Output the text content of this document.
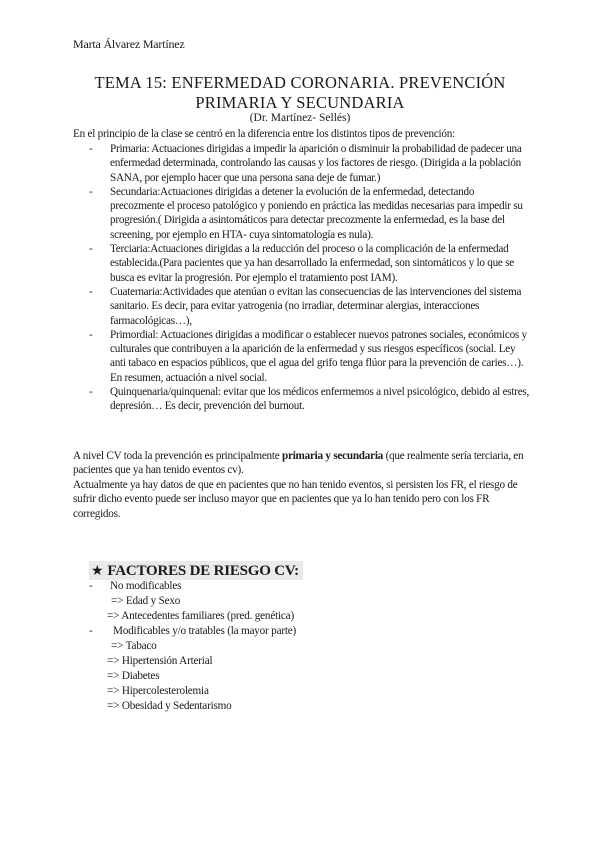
Marta Álvarez Martínez
TEMA 15: ENFERMEDAD CORONARIA. PREVENCIÓN
PRIMARIA Y SECUNDARIA
(Dr. Martínez- Sellés)

En el principio de la clase se centró en la diferencia entre los distintos tipos de prevención:

- Primaria: Actuaciones dirigidas a impedir la aparición o disminuir la probabilidad de padecer una enfermedad determinada, controlando las causas y los factores de riesgo. (Dirigida a la población SANA, por ejemplo hacer que una persona sana deje de fumar.)
- Secundaria:Actuaciones dirigidas a detener la evolución de la enfermedad, detectando precozmente el proceso patológico y poniendo en práctica las medidas necesarias para impedir su progresión.( Dirigida a asintomáticos para detectar precozmente la enfermedad, es la base del screening, por ejemplo en HTA- cuya sintomatología es nula).
- Terciaria:Actuaciones dirigidas a la reducción del proceso o la complicación de la enfermedad establecida.(Para pacientes que ya han desarrollado la enfermedad, son sintomáticos y lo que se busca es evitar la progresión. Por ejemplo el tratamiento post IAM).
- Cuaternaria:Actividades que atenúan o evitan las consecuencias de las intervenciones del sistema sanitario. Es decir, para evitar yatrogenia (no irradiar, determinar alergias, interacciones farmacológicas…),
- Primordial: Actuaciones dirigidas a modificar o establecer nuevos patrones sociales, económicos y culturales que contribuyen a la aparición de la enfermedad y sus riesgos específicos (social. Ley anti tabaco en espacios públicos, que el agua del grifo tenga flúor para la prevención de caries…). En resumen, actuación a nivel social.
- Quinquenaria/quinquenal: evitar que los médicos enfermemos a nivel psicológico, debido al estres, depresión… Es decir, prevención del burnout.

A nivel CV toda la prevención es principalmente primaria y secundaria (que realmente sería terciaria, en pacientes que ya han tenido eventos cv).

Actualmente ya hay datos de que en pacientes que no han tenido eventos, si persisten los FR, el riesgo de sufrir dicho evento puede ser incluso mayor que en pacientes que ya lo han tenido pero con los FR corregidos.

★ FACTORES DE RIESGO CV:
- No modificables
=> Edad y Sexo
=> Antecedentes familiares (pred. genética)
- Modificables y/o tratables (la mayor parte)
=> Tabaco
=> Hipertensión Arterial
=> Diabetes
=> Hipercolesterolemia
=> Obesidad y Sedentarismo
